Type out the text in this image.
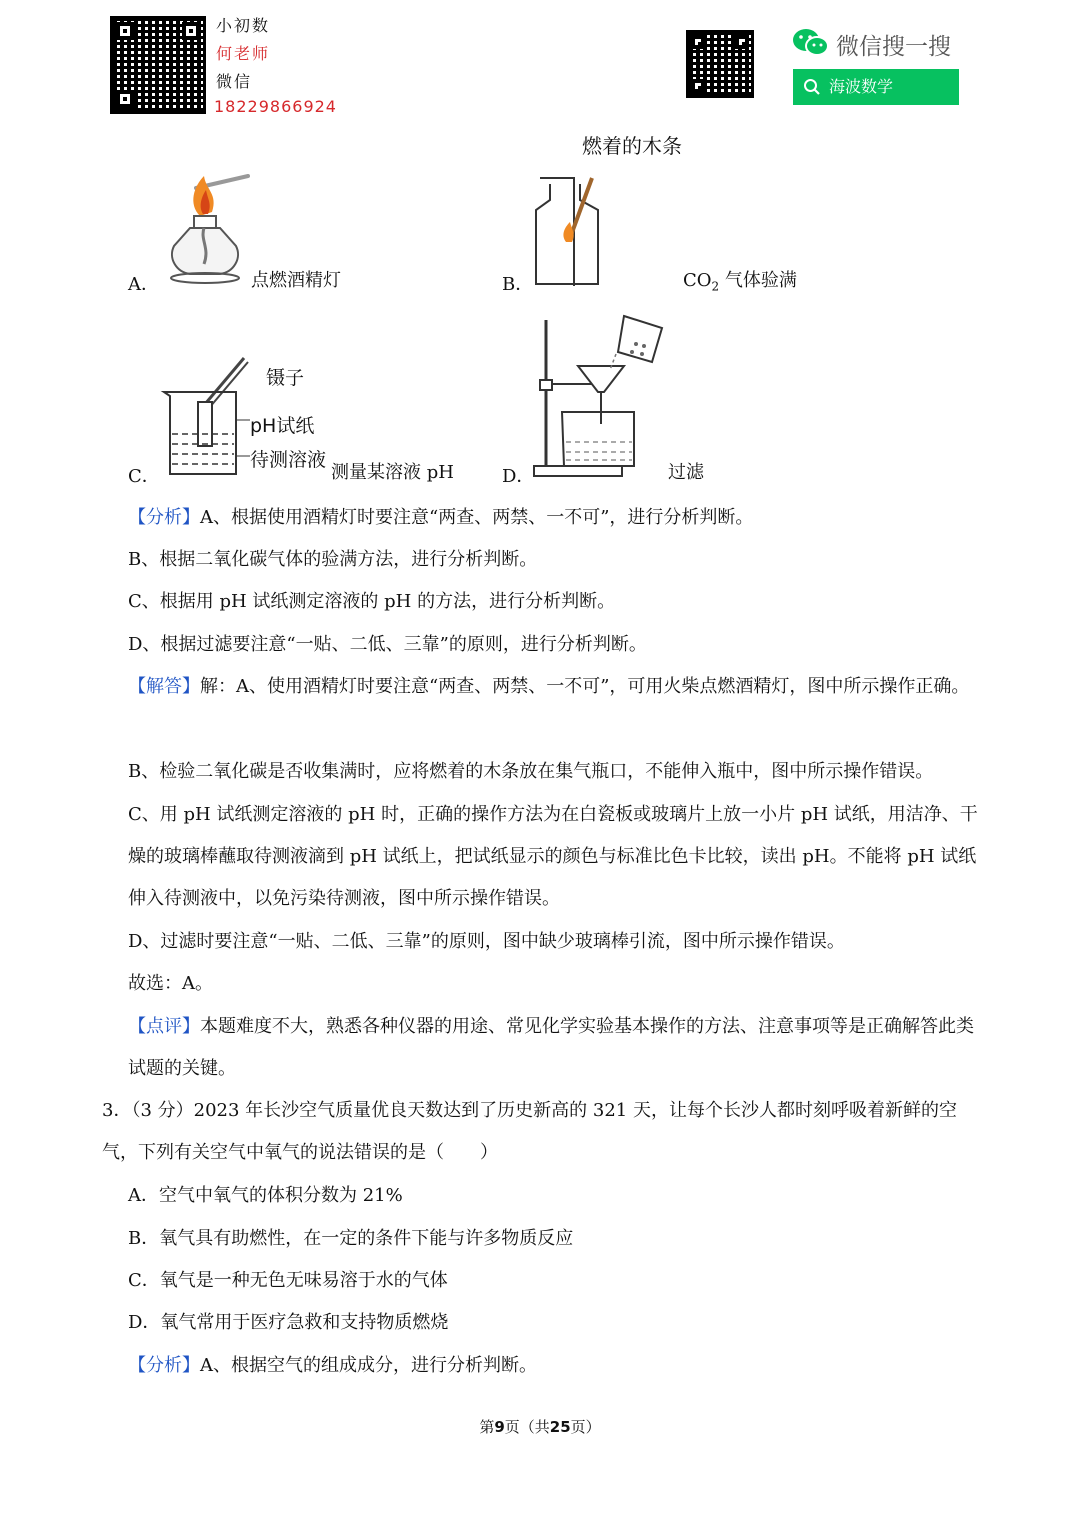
小初数
何老师
微信
18229866924
微信搜一搜
海波数学
燃着的木条
A．	点燃酒精灯	B．	$CO_2$ 气体验满
镊子
pH试纸
待测溶液
C．	测量某溶液 pH	D．	过滤
【分析】A、根据使用酒精灯时要注意“两查、两禁、一不可”，进行分析判断。
B、根据二氧化碳气体的验满方法，进行分析判断。
C、根据用 pH 试纸测定溶液的 pH 的方法，进行分析判断。
D、根据过滤要注意“一贴、二低、三靠”的原则，进行分析判断。
【解答】解：A、使用酒精灯时要注意“两查、两禁、一不可”，可用火柴点燃酒精灯，图中所示操作正确。
B、检验二氧化碳是否收集满时，应将燃着的木条放在集气瓶口，不能伸入瓶中，图中所示操作错误。
C、用 pH 试纸测定溶液的 pH 时，正确的操作方法为在白瓷板或玻璃片上放一小片 pH 试纸，用洁净、干燥的玻璃棒蘸取待测液滴到 pH 试纸上，把试纸显示的颜色与标准比色卡比较，读出 pH。不能将 pH 试纸伸入待测液中，以免污染待测液，图中所示操作错误。
D、过滤时要注意“一贴、二低、三靠”的原则，图中缺少玻璃棒引流，图中所示操作错误。
故选：A。
【点评】本题难度不大，熟悉各种仪器的用途、常见化学实验基本操作的方法、注意事项等是正确解答此类试题的关键。
3．（3 分）2023 年长沙空气质量优良天数达到了历史新高的 321 天，让每个长沙人都时刻呼吸着新鲜的空气，下列有关空气中氧气的说法错误的是（　　）
A．空气中氧气的体积分数为 21%
B．氧气具有助燃性，在一定的条件下能与许多物质反应
C．氧气是一种无色无味易溶于水的气体
D．氧气常用于医疗急救和支持物质燃烧
【分析】A、根据空气的组成成分，进行分析判断。
第9页（共25页）
